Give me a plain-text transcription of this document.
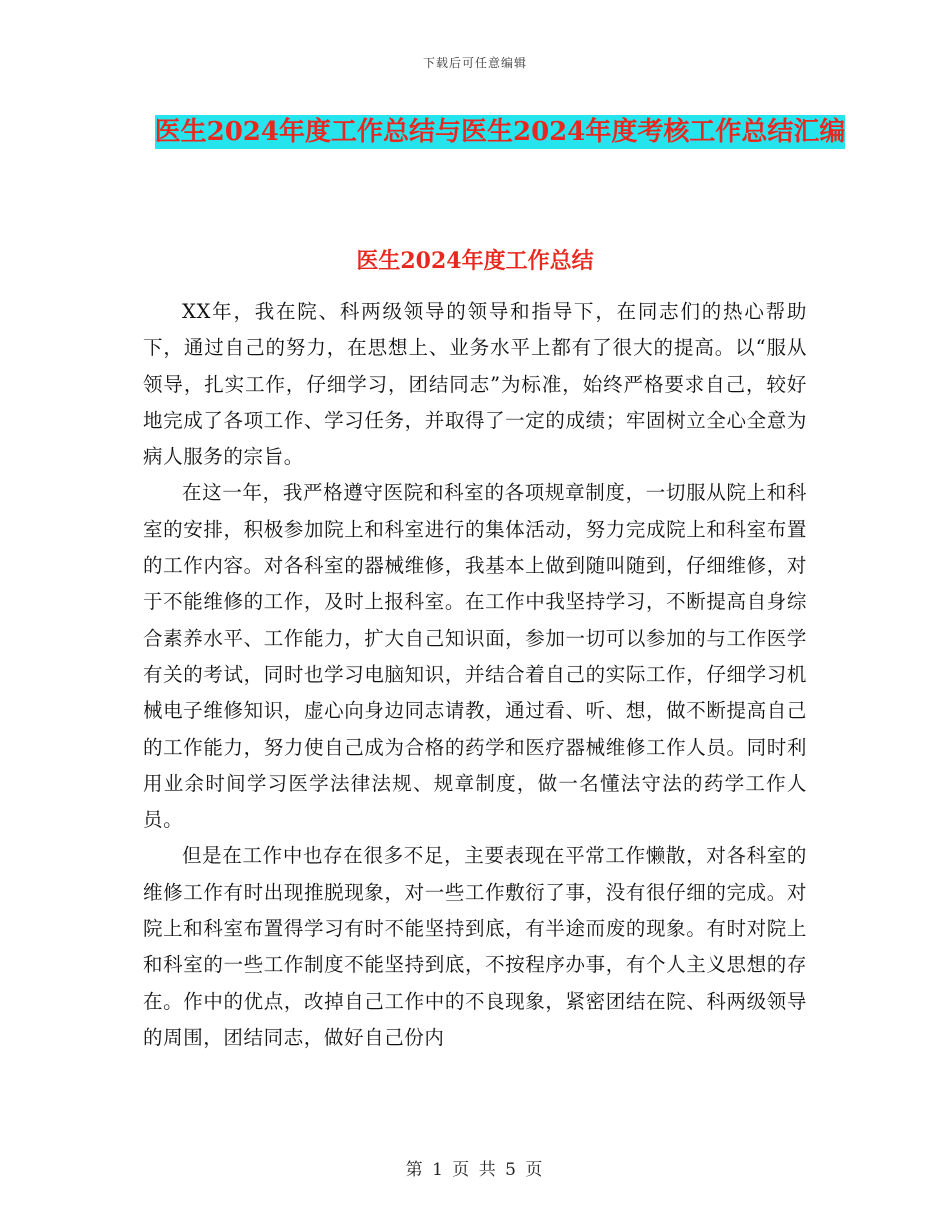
下载后可任意编辑
医生2024年度工作总结与医生2024年度考核工作总结汇编
医生2024年度工作总结

XX年，我在院、科两级领导的领导和指导下，在同志们的热心帮助下，通过自己的努力，在思想上、业务水平上都有了很大的提高。以“服从领导，扎实工作，仔细学习，团结同志”为标准，始终严格要求自己，较好地完成了各项工作、学习任务，并取得了一定的成绩；牢固树立全心全意为病人服务的宗旨。

在这一年，我严格遵守医院和科室的各项规章制度，一切服从院上和科室的安排，积极参加院上和科室进行的集体活动，努力完成院上和科室布置的工作内容。对各科室的器械维修，我基本上做到随叫随到，仔细维修，对于不能维修的工作，及时上报科室。在工作中我坚持学习，不断提高自身综合素养水平、工作能力，扩大自己知识面，参加一切可以参加的与工作医学有关的考试，同时也学习电脑知识，并结合着自己的实际工作，仔细学习机械电子维修知识，虚心向身边同志请教，通过看、听、想，做不断提高自己的工作能力，努力使自己成为合格的药学和医疗器械维修工作人员。同时利用业余时间学习医学法律法规、规章制度，做一名懂法守法的药学工作人员。

但是在工作中也存在很多不足，主要表现在平常工作懒散，对各科室的维修工作有时出现推脱现象，对一些工作敷衍了事，没有很仔细的完成。对院上和科室布置得学习有时不能坚持到底，有半途而废的现象。有时对院上和科室的一些工作制度不能坚持到底，不按程序办事，有个人主义思想的存在。作中的优点，改掉自己工作中的不良现象，紧密团结在院、科两级领导的周围，团结同志，做好自己份内

第 1 页 共 5 页
